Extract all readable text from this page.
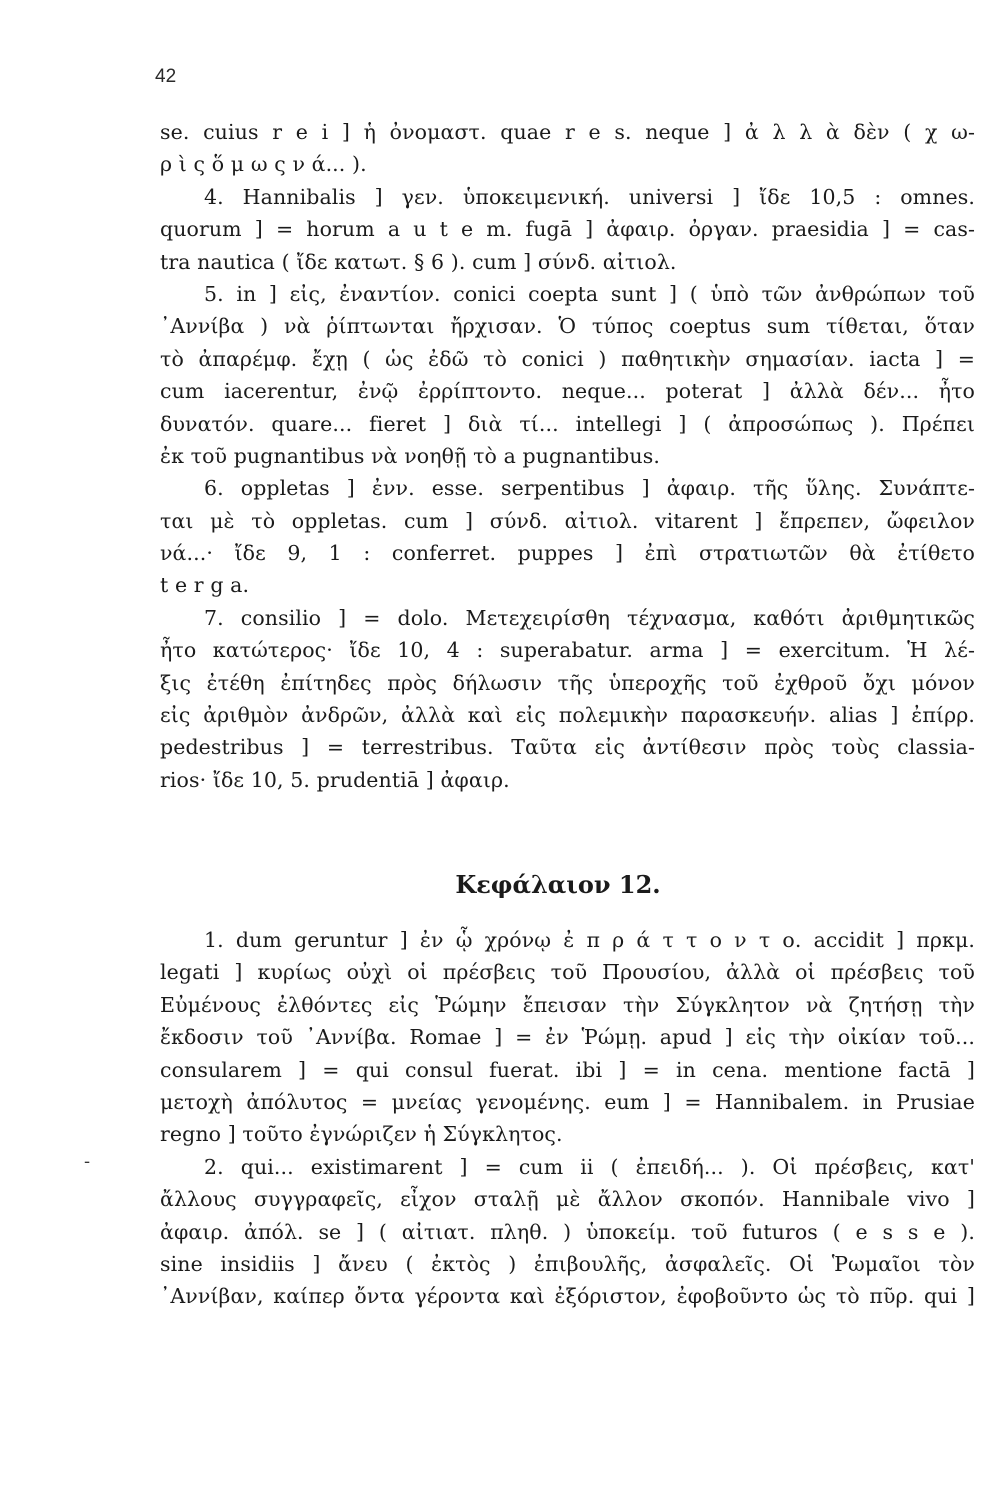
42
se. cuius r e i ] ἡ ὀνομαστ. quae r e s. neque ] ἀ λ λ ὰ δὲν ( χ ω-
ρ ὶ ς ὅ μ ω ς ν ά... ).
4. Hannibalis ] γεν. ὑποκειμενική. universi ] ἴδε 10,5 : omnes.
quorum ] = horum a u t e m. fugā ] ἀφαιρ. ὀργαν. praesidia ] = cas-
tra nautica ( ἴδε κατωτ. § 6 ). cum ] σύνδ. αἰτιολ.
5. in ] εἰς, ἐναντίον. conici coepta sunt ] ( ὑπὸ τῶν ἀνθρώπων τοῦ
᾿Αννίβα ) νὰ ῥίπτωνται ἤρχισαν. Ὁ τύπος coeptus sum τίθεται, ὅταν
τὸ ἀπαρέμφ. ἔχῃ ( ὡς ἐδῶ τὸ conici ) παθητικὴν σημασίαν. iacta ] =
cum iacerentur, ἐνῷ ἐρρίπτοντο. neque... poterat ] ἀλλὰ δέν... ἦτο
δυνατόν. quare... fieret ] διὰ τί... intellegi ] ( ἀπροσώπως ). Πρέπει
ἐκ τοῦ pugnantibus νὰ νοηθῇ τὸ a pugnantibus.
6. oppletas ] ἐνν. esse. serpentibus ] ἀφαιρ. τῆς ὕλης. Συνάπτε-
ται μὲ τὸ oppletas. cum ] σύνδ. αἰτιολ. vitarent ] ἔπρεπεν, ὤφειλον
νά...· ἴδε 9, 1 : conferret. puppes ] ἐπὶ στρατιωτῶν θὰ ἐτίθετο
t e r g a.
7. consilio ] = dolo. Μετεχειρίσθη τέχνασμα, καθότι ἀριθμητικῶς
ἦτο κατώτερος· ἴδε 10, 4 : superabatur. arma ] = exercitum. Ἡ λέ-
ξις ἐτέθη ἐπίτηδες πρὸς δήλωσιν τῆς ὑπεροχῆς τοῦ ἐχθροῦ ὄχι μόνον
εἰς ἀριθμὸν ἀνδρῶν, ἀλλὰ καὶ εἰς πολεμικὴν παρασκευήν. alias ] ἐπίρρ.
pedestribus ] = terrestribus. Ταῦτα εἰς ἀντίθεσιν πρὸς τοὺς classia-
rios· ἴδε 10, 5. prudentiā ] ἀφαιρ.
Κεφάλαιον 12.
1. dum geruntur ] ἐν ᾧ χρόνῳ ἐ π ρ ά τ τ ο ν τ ο. accidit ] πρκμ.
legati ] κυρίως οὐχὶ οἱ πρέσβεις τοῦ Προυσίου, ἀλλὰ οἱ πρέσβεις τοῦ
Εὐμένους ἐλθόντες εἰς Ῥώμην ἔπεισαν τὴν Σύγκλητον νὰ ζητήσῃ τὴν
ἔκδοσιν τοῦ ᾿Αννίβα. Romae ] = ἐν Ῥώμῃ. apud ] εἰς τὴν οἰκίαν τοῦ...
consularem ] = qui consul fuerat. ibi ] = in cena. mentione factā ]
μετοχὴ ἀπόλυτος = μνείας γενομένης. eum ] = Hannibalem. in Prusiae
regno ] τοῦτο ἐγνώριζεν ἡ Σύγκλητος.
2. qui... existimarent ] = cum ii ( ἐπειδή... ). Οἱ πρέσβεις, κατ'
ἄλλους συγγραφεῖς, εἶχον σταλῇ μὲ ἄλλον σκοπόν. Hannibale vivo ]
ἀφαιρ. ἀπόλ. se ] ( αἰτιατ. πληθ. ) ὑποκείμ. τοῦ futuros ( e s s e ).
sine insidiis ] ἄνευ ( ἐκτὸς ) ἐπιβουλῆς, ἀσφαλεῖς. Οἱ Ῥωμαῖοι τὸν
᾿Αννίβαν, καίπερ ὄντα γέροντα καὶ ἐξόριστον, ἐφοβοῦντο ὡς τὸ πῦρ. qui ]
-
